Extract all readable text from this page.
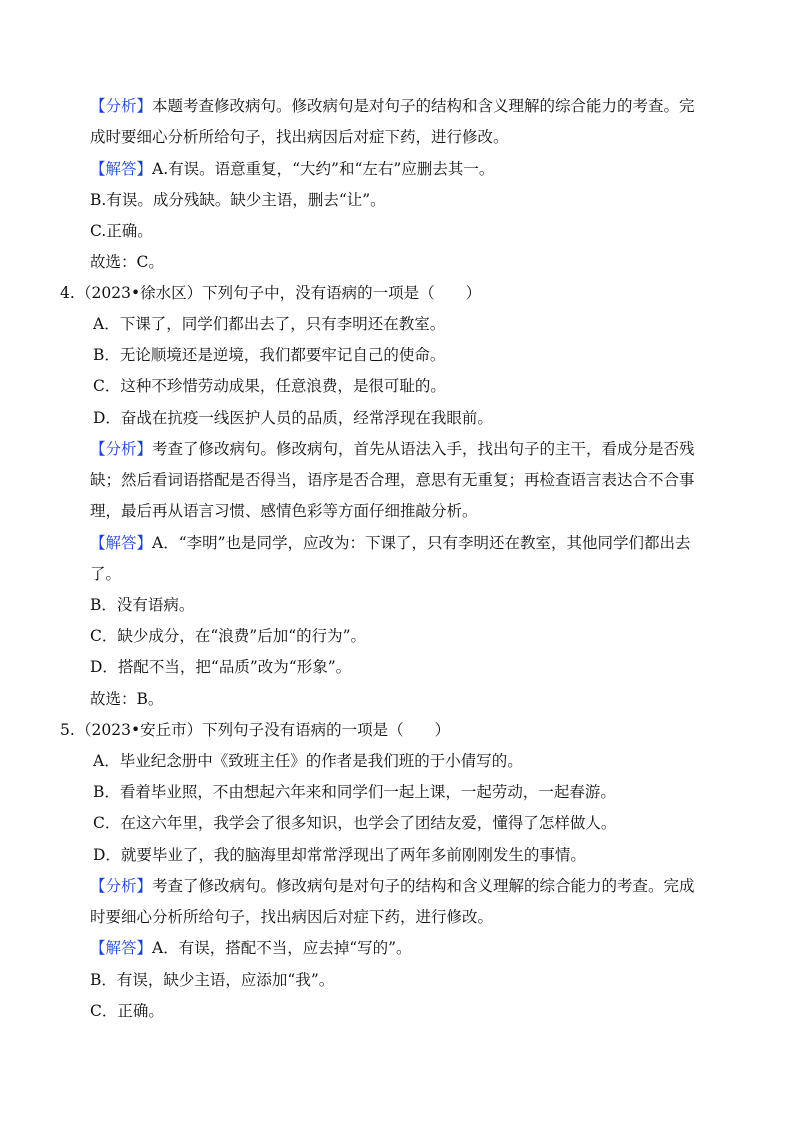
【分析】本题考查修改病句。修改病句是对句子的结构和含义理解的综合能力的考查。完
成时要细心分析所给句子，找出病因后对症下药，进行修改。
【解答】A.有误。语意重复，“大约”和“左右”应删去其一。
B.有误。成分残缺。缺少主语，删去“让”。
C.正确。
故选：C。
4. （2023•徐水区）下列句子中，没有语病的一项是（　　）
A．下课了，同学们都出去了，只有李明还在教室。
B．无论顺境还是逆境，我们都要牢记自己的使命。
C．这种不珍惜劳动成果，任意浪费，是很可耻的。
D．奋战在抗疫一线医护人员的品质，经常浮现在我眼前。
【分析】考查了修改病句。修改病句，首先从语法入手，找出句子的主干，看成分是否残
缺；然后看词语搭配是否得当，语序是否合理，意思有无重复；再检查语言表达合不合事
理，最后再从语言习惯、感情色彩等方面仔细推敲分析。
【解答】A．“李明”也是同学，应改为：下课了，只有李明还在教室，其他同学们都出去
了。
B．没有语病。
C．缺少成分，在“浪费”后加“的行为”。
D．搭配不当，把“品质”改为“形象”。
故选：B。
5. （2023•安丘市）下列句子没有语病的一项是（　　）
A．毕业纪念册中《致班主任》的作者是我们班的于小倩写的。
B．看着毕业照，不由想起六年来和同学们一起上课，一起劳动，一起春游。
C．在这六年里，我学会了很多知识，也学会了团结友爱，懂得了怎样做人。
D．就要毕业了，我的脑海里却常常浮现出了两年多前刚刚发生的事情。
【分析】考查了修改病句。修改病句是对句子的结构和含义理解的综合能力的考查。完成
时要细心分析所给句子，找出病因后对症下药，进行修改。
【解答】A．有误，搭配不当，应去掉“写的”。
B．有误，缺少主语，应添加“我”。
C．正确。
